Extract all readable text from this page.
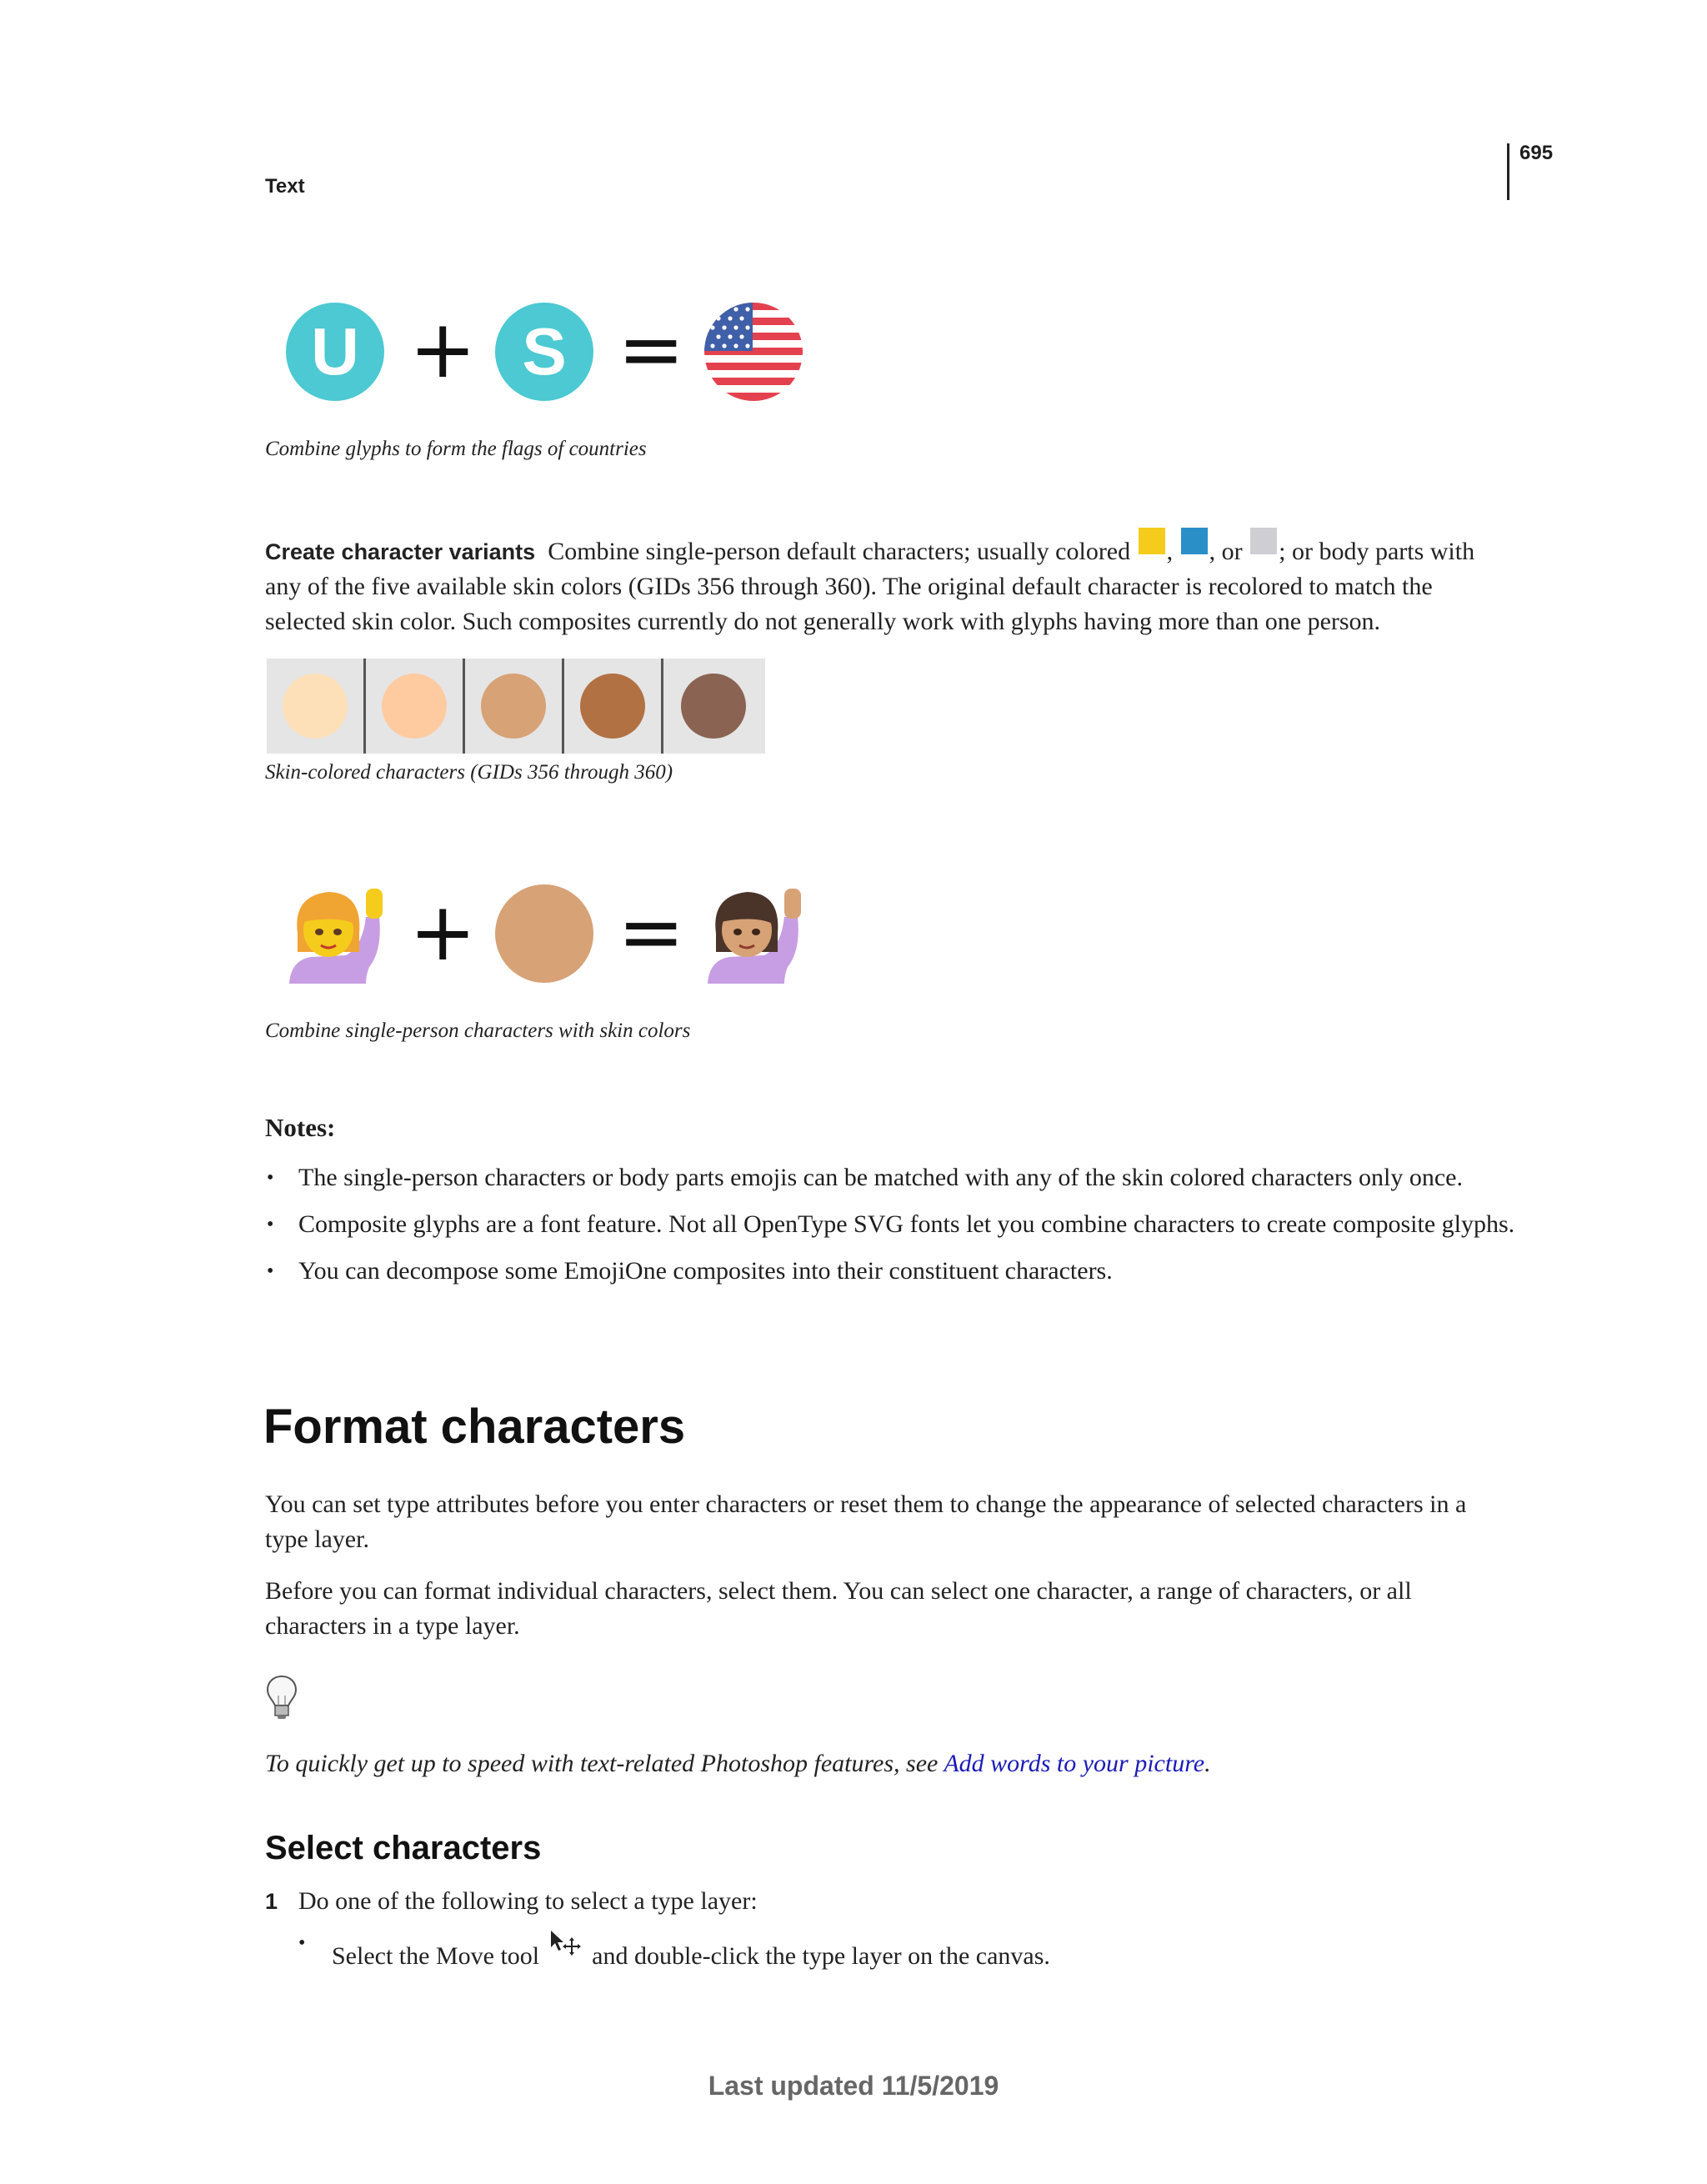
695
Text
U + S =
Combine glyphs to form the flags of countries
Create character variants Combine single-person default characters; usually colored , , or ; or body parts with any of the five available skin colors (GIDs 356 through 360). The original default character is recolored to match the selected skin color. Such composites currently do not generally work with glyphs having more than one person.
Skin-colored characters (GIDs 356 through 360)
+ =
Combine single-person characters with skin colors
Notes:
• The single-person characters or body parts emojis can be matched with any of the skin colored characters only once.
• Composite glyphs are a font feature. Not all OpenType SVG fonts let you combine characters to create composite glyphs.
• You can decompose some EmojiOne composites into their constituent characters.
Format characters
You can set type attributes before you enter characters or reset them to change the appearance of selected characters in a type layer.
Before you can format individual characters, select them. You can select one character, a range of characters, or all characters in a type layer.
To quickly get up to speed with text-related Photoshop features, see Add words to your picture.
Select characters
1 Do one of the following to select a type layer:
• Select the Move tool and double-click the type layer on the canvas.
Last updated 11/5/2019
